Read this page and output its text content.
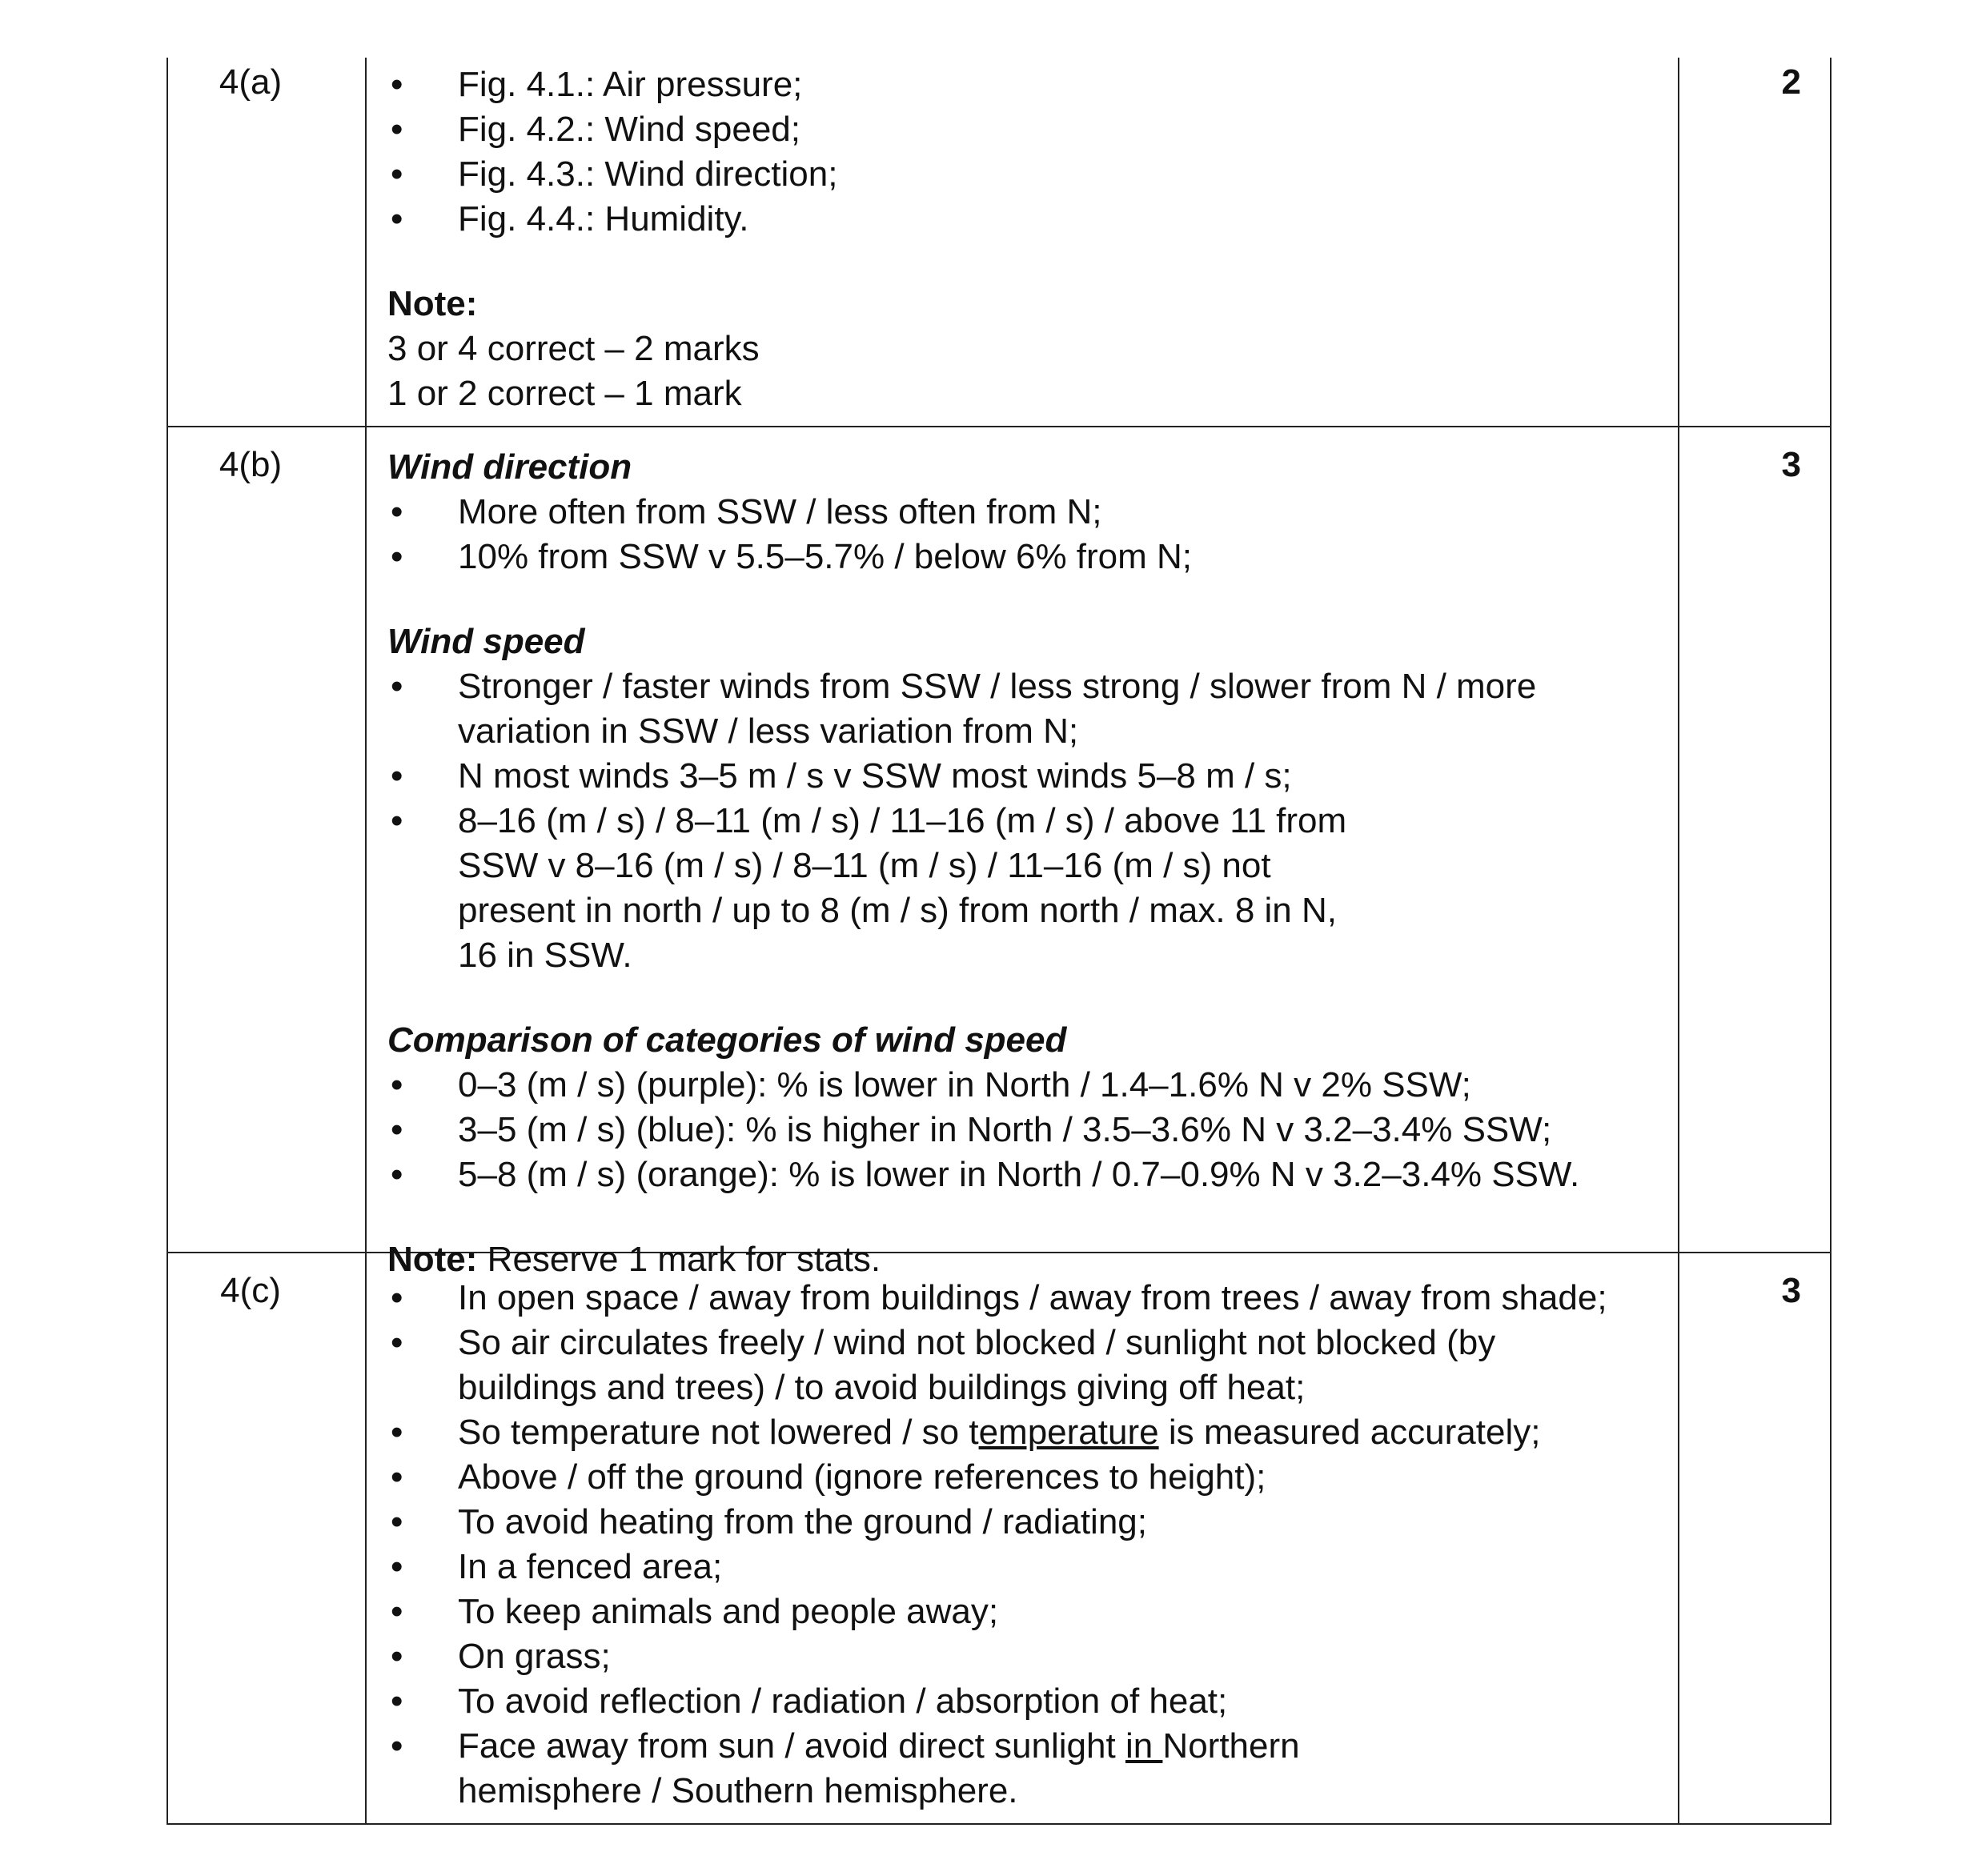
4(a)	• Fig. 4.1.: Air pressure;
• Fig. 4.2.: Wind speed;
• Fig. 4.3.: Wind direction;
• Fig. 4.4.: Humidity.
Note:
3 or 4 correct – 2 marks
1 or 2 correct – 1 mark
2
4(b)	Wind direction
• More often from SSW / less often from N;
• 10% from SSW v 5.5–5.7% / below 6% from N;
Wind speed
• Stronger / faster winds from SSW / less strong / slower from N / more variation in SSW / less variation from N;
• N most winds 3–5 m / s v SSW most winds 5–8 m / s;
• 8–16 (m / s) / 8–11 (m / s) / 11–16 (m / s) / above 11 from SSW v 8–16 (m / s) / 8–11 (m / s) / 11–16 (m / s) not present in north / up to 8 (m / s) from north / max. 8 in N, 16 in SSW.
Comparison of categories of wind speed
• 0–3 (m / s) (purple): % is lower in North / 1.4–1.6% N v 2% SSW;
• 3–5 (m / s) (blue): % is higher in North / 3.5–3.6% N v 3.2–3.4% SSW;
• 5–8 (m / s) (orange): % is lower in North / 0.7–0.9% N v 3.2–3.4% SSW.
Note: Reserve 1 mark for stats.
3
4(c)	• In open space / away from buildings / away from trees / away from shade;
• So air circulates freely / wind not blocked / sunlight not blocked (by buildings and trees) / to avoid buildings giving off heat;
• So temperature not lowered / so temperature is measured accurately;
• Above / off the ground (ignore references to height);
• To avoid heating from the ground / radiating;
• In a fenced area;
• To keep animals and people away;
• On grass;
• To avoid reflection / radiation / absorption of heat;
• Face away from sun / avoid direct sunlight in Northern
hemisphere / Southern hemisphere.
3
